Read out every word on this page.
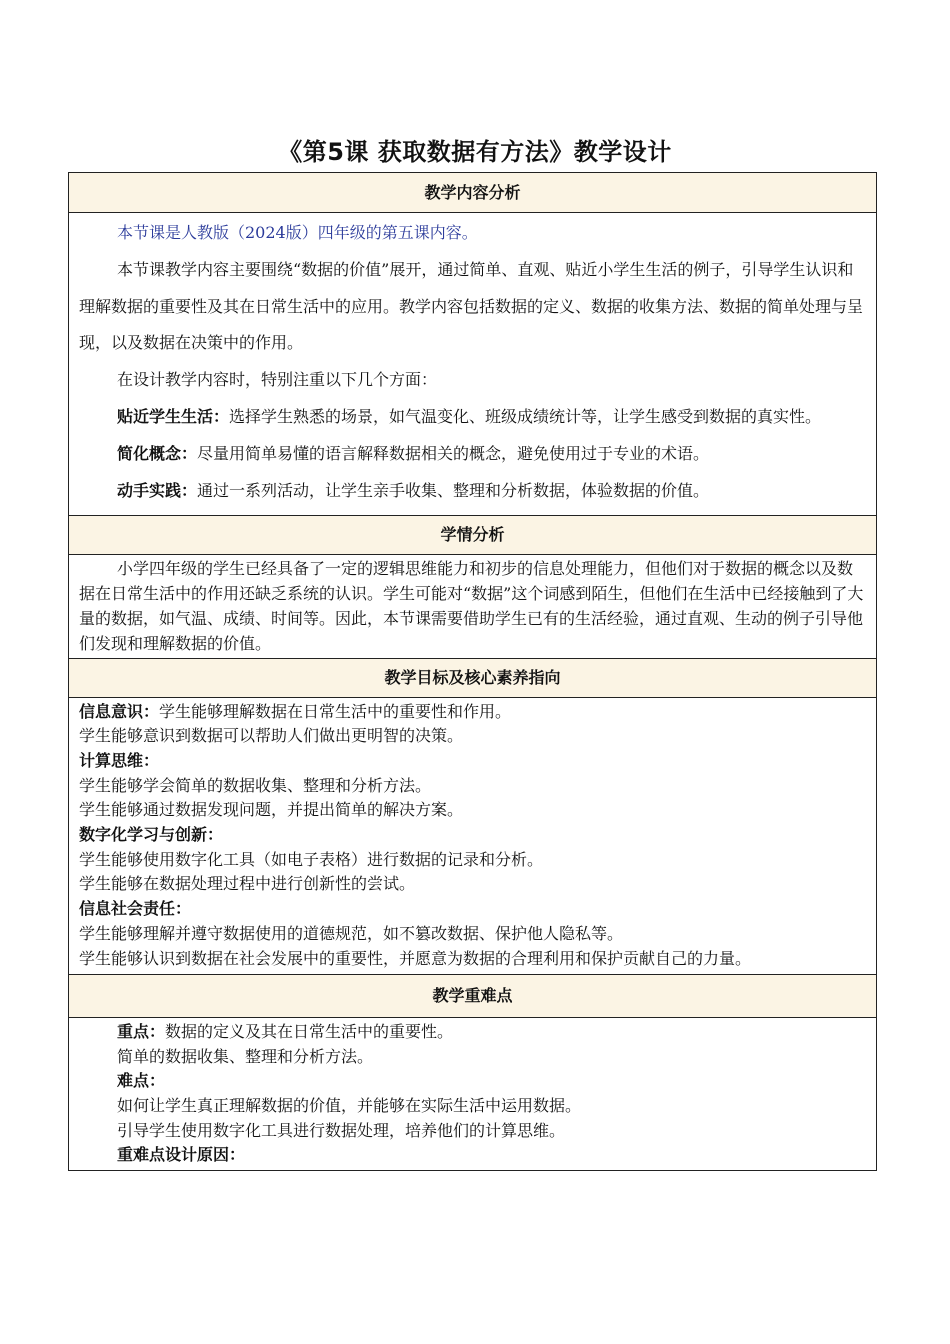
《第5课 获取数据有方法》教学设计
教学内容分析

本节课是人教版（2024版）四年级的第五课内容。

本节课教学内容主要围绕“数据的价值”展开，通过简单、直观、贴近小学生生活的例子，引导学生认识和理解数据的重要性及其在日常生活中的应用。教学内容包括数据的定义、数据的收集方法、数据的简单处理与呈现，以及数据在决策中的作用。

在设计教学内容时，特别注重以下几个方面：

贴近学生生活：选择学生熟悉的场景，如气温变化、班级成绩统计等，让学生感受到数据的真实性。

简化概念：尽量用简单易懂的语言解释数据相关的概念，避免使用过于专业的术语。

动手实践：通过一系列活动，让学生亲手收集、整理和分析数据，体验数据的价值。

学情分析

小学四年级的学生已经具备了一定的逻辑思维能力和初步的信息处理能力，但他们对于数据的概念以及数据在日常生活中的作用还缺乏系统的认识。学生可能对“数据”这个词感到陌生，但他们在生活中已经接触到了大量的数据，如气温、成绩、时间等。因此，本节课需要借助学生已有的生活经验，通过直观、生动的例子引导他们发现和理解数据的价值。

教学目标及核心素养指向

信息意识：学生能够理解数据在日常生活中的重要性和作用。

学生能够意识到数据可以帮助人们做出更明智的决策。

计算思维：

学生能够学会简单的数据收集、整理和分析方法。

学生能够通过数据发现问题，并提出简单的解决方案。

数字化学习与创新：

学生能够使用数字化工具（如电子表格）进行数据的记录和分析。

学生能够在数据处理过程中进行创新性的尝试。

信息社会责任：

学生能够理解并遵守数据使用的道德规范，如不篡改数据、保护他人隐私等。

学生能够认识到数据在社会发展中的重要性，并愿意为数据的合理利用和保护贡献自己的力量。

教学重难点

重点：数据的定义及其在日常生活中的重要性。

简单的数据收集、整理和分析方法。

难点：

如何让学生真正理解数据的价值，并能够在实际生活中运用数据。

引导学生使用数字化工具进行数据处理，培养他们的计算思维。

重难点设计原因：
